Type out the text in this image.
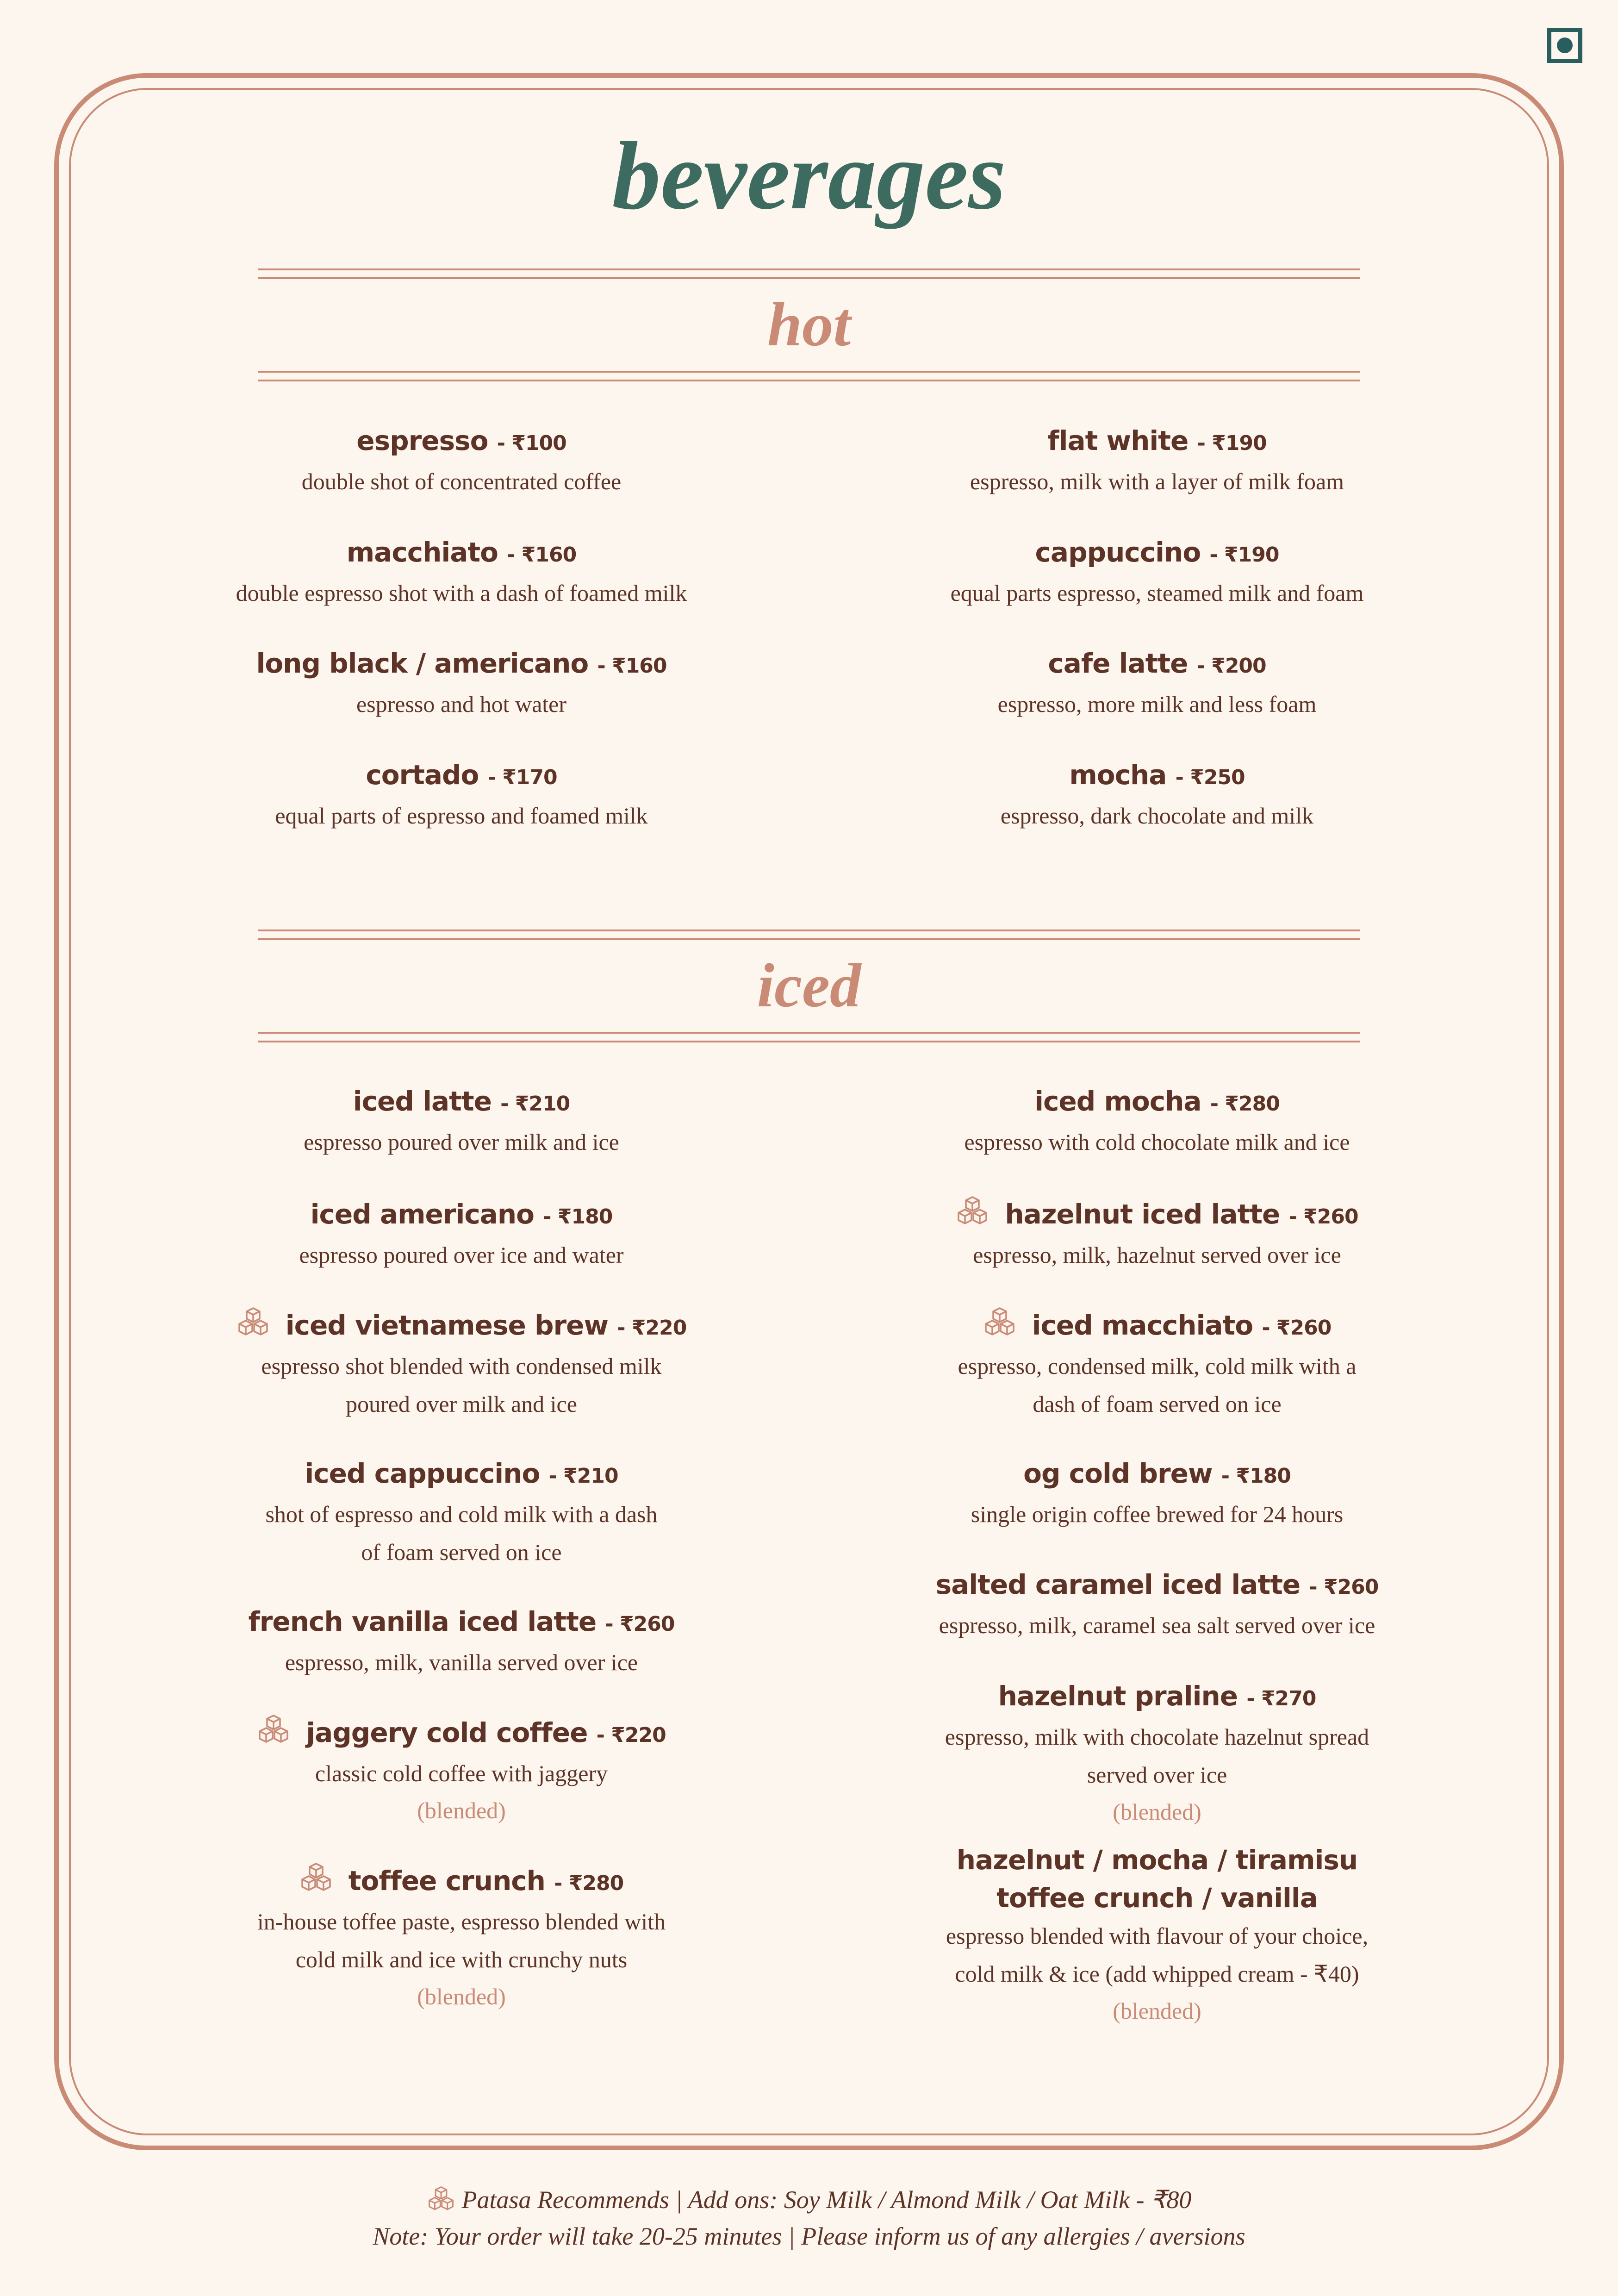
beverages
hot
iced
espresso - ₹100
double shot of concentrated coffee
macchiato - ₹160
double espresso shot with a dash of foamed milk
long black / americano - ₹160
espresso and hot water
cortado - ₹170
equal parts of espresso and foamed milk
flat white - ₹190
espresso, milk with a layer of milk foam
cappuccino - ₹190
equal parts espresso, steamed milk and foam
cafe latte - ₹200
espresso, more milk and less foam
mocha - ₹250
espresso, dark chocolate and milk
iced latte - ₹210
espresso poured over milk and ice
iced americano - ₹180
espresso poured over ice and water
iced vietnamese brew - ₹220
espresso shot blended with condensed milk
poured over milk and ice
iced cappuccino - ₹210
shot of espresso and cold milk with a dash
of foam served on ice
french vanilla iced latte - ₹260
espresso, milk, vanilla served over ice
jaggery cold coffee - ₹220
classic cold coffee with jaggery
(blended)
toffee crunch - ₹280
in-house toffee paste, espresso blended with
cold milk and ice with crunchy nuts
(blended)
iced mocha - ₹280
espresso with cold chocolate milk and ice
hazelnut iced latte - ₹260
espresso, milk, hazelnut served over ice
iced macchiato - ₹260
espresso, condensed milk, cold milk with a
dash of foam served on ice
og cold brew - ₹180
single origin coffee brewed for 24 hours
salted caramel iced latte - ₹260
espresso, milk, caramel sea salt served over ice
hazelnut praline - ₹270
espresso, milk with chocolate hazelnut spread
served over ice
(blended)
hazelnut / mocha / tiramisu
toffee crunch / vanilla
espresso blended with flavour of your choice,
cold milk & ice (add whipped cream - ₹40)
(blended)
Patasa Recommends | Add ons: Soy Milk / Almond Milk / Oat Milk - ₹80
Note: Your order will take 20-25 minutes | Please inform us of any allergies / aversions
